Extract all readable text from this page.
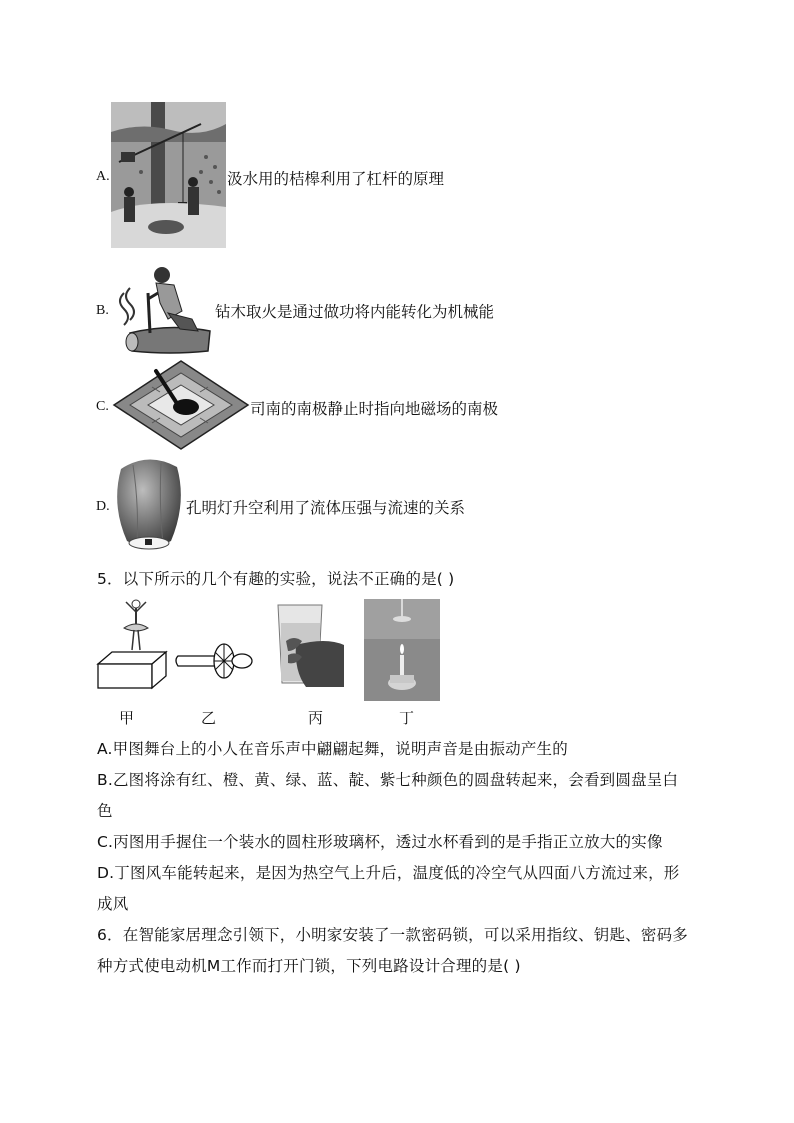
A.	汲水用的桔槔利用了杠杆的原理
B.	钻木取火是通过做功将内能转化为机械能
C.	司南的南极静止时指向地磁场的南极
D.	孔明灯升空利用了流体压强与流速的关系
5．以下所示的几个有趣的实验，说法不正确的是( )
甲	乙	丙	丁
A.甲图舞台上的小人在音乐声中翩翩起舞，说明声音是由振动产生的
B.乙图将涂有红、橙、黄、绿、蓝、靛、紫七种颜色的圆盘转起来，会看到圆盘呈白
色
C.丙图用手握住一个装水的圆柱形玻璃杯，透过水杯看到的是手指正立放大的实像
D.丁图风车能转起来，是因为热空气上升后，温度低的冷空气从四面八方流过来，形
成风
6．在智能家居理念引领下，小明家安装了一款密码锁，可以采用指纹、钥匙、密码多
种方式使电动机M工作而打开门锁，下列电路设计合理的是( )
